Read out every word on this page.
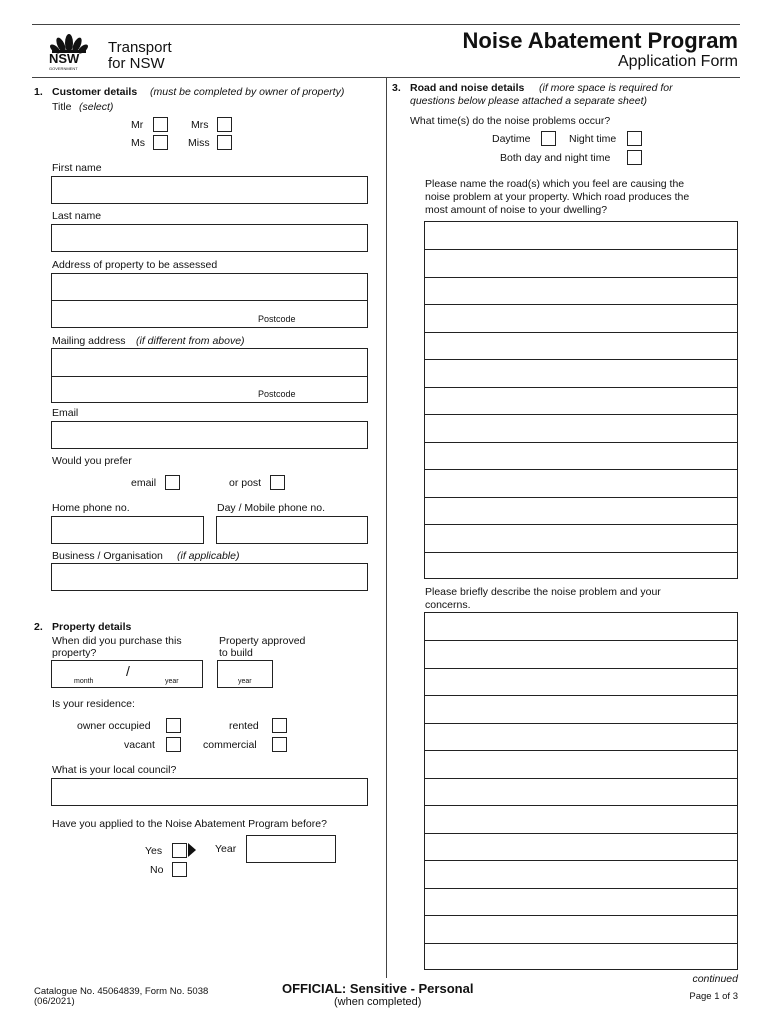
NSW
GOVERNMENT
Transport
for NSW
Noise Abatement Program
Application Form
1. Customer details (must be completed by owner of property)
Title (select)
Mr	Mrs
Ms	Miss
First name
Last name
Address of property to be assessed
Postcode
Mailing address (if different from above)
Postcode
Email
Would you prefer
email	or post
Home phone no.	Day / Mobile phone no.
Business / Organisation (if applicable)
2. Property details
When did you purchase this
property?
Property approved
to build
/
month	year	year
Is your residence:
owner occupied	rented
vacant	commercial
What is your local council?
Have you applied to the Noise Abatement Program before?
Yes	Year
No
3. Road and noise details (if more space is required for
questions below please attached a separate sheet)
What time(s) do the noise problems occur?
Daytime	Night time
Both day and night time
Please name the road(s) which you feel are causing the
noise problem at your property. Which road produces the
most amount of noise to your dwelling?
Please briefly describe the noise problem and your
concerns.
Catalogue No. 45064839, Form No. 5038
(06/2021)
OFFICIAL: Sensitive - Personal
(when completed)
continued
Page 1 of 3
